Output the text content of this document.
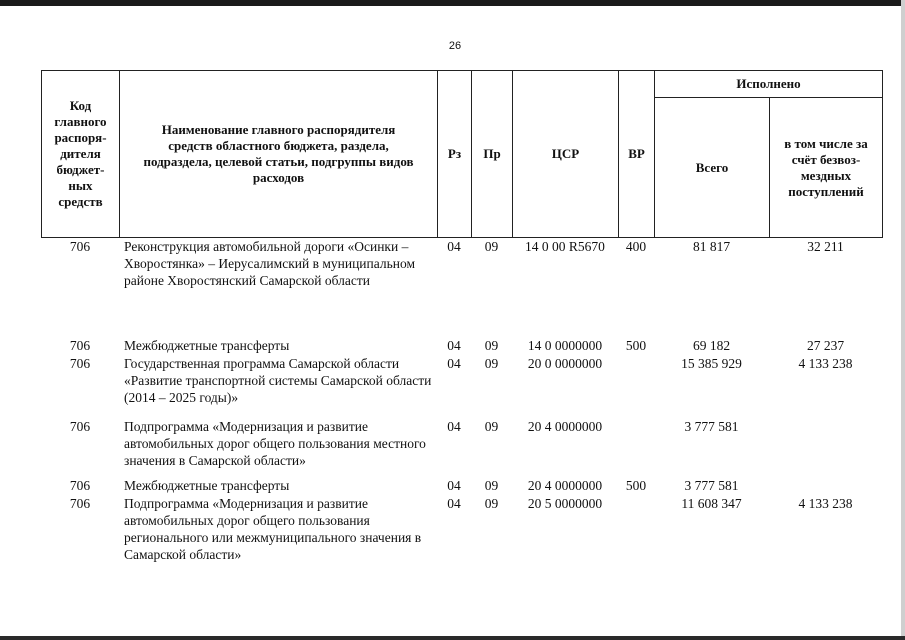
26
Код главного распоря-дителя бюджет-ных средств	Наименование главного распорядителя средств областного бюджета, раздела, подраздела, целевой статьи, подгруппы видов расходов	Рз	Пр	ЦСР	ВР	Исполнено	
						Всего	в том числе за счёт безвоз-мездных поступлений
706	Реконструкция автомобильной дороги «Осинки – Хворостянка» – Иерусалимский в муниципальном районе Хворостянский Самарской области	04	09	14 0 00 R5670	400	81 817	32 211
706	Межбюджетные трансферты	04	09	14 0 0000000	500	69 182	27 237
706	Государственная программа Самарской области «Развитие транспортной системы Самарской области (2014 – 2025 годы)»	04	09	20 0 0000000		15 385 929	4 133 238
706	Подпрограмма «Модернизация и развитие автомобильных дорог общего пользования местного значения в Самарской области»	04	09	20 4 0000000		3 777 581	
706	Межбюджетные трансферты	04	09	20 4 0000000	500	3 777 581	
706	Подпрограмма «Модернизация и развитие автомобильных дорог общего пользования регионального или межмуниципального значения в Самарской области»	04	09	20 5 0000000		11 608 347	4 133 238
